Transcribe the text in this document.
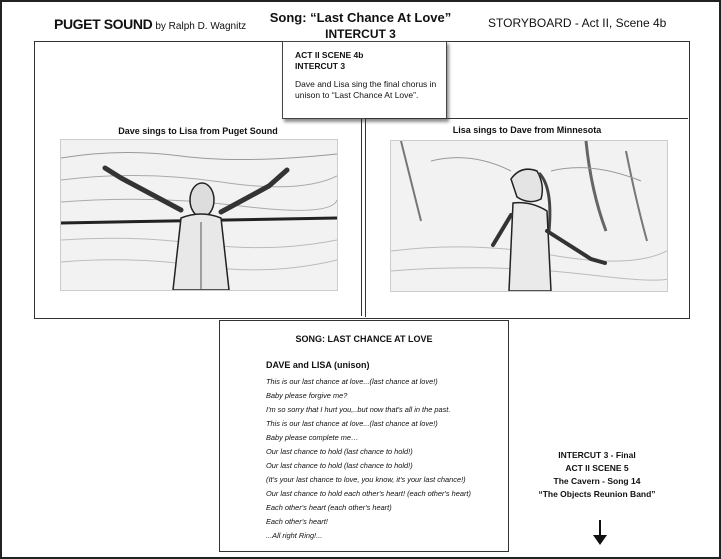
PUGET SOUND by Ralph D. Wagnitz
Song: “Last Chance At Love”
INTERCUT 3
STORYBOARD - Act II, Scene 4b
Dave sings to Lisa from Puget Sound
ACT II SCENE 4b
INTERCUT 3
Dave and Lisa sing the final chorus in unison to “Last Chance At Love”.
Lisa sings to Dave from Minnesota
SONG: LAST CHANCE AT LOVE
DAVE and LISA (unison)
This is our last chance at love...(last chance at love!)
Baby please forgive me?
I'm so sorry that I hurt you,..but now that's all in the past.
This is our last chance at love...(last chance at love!)
Baby please complete me…
Our last chance to hold (last chance to hold!)
Our last chance to hold (last chance to hold!)
(It's your last chance to love, you know, it's your last chance!)
Our last chance to hold each other's heart! (each other's heart)
Each other's heart (each other's heart)
Each other's heart!
...All right Ring!...
INTERCUT 3 - Final
ACT II SCENE 5
The Cavern - Song 14
“The Objects Reunion Band”
